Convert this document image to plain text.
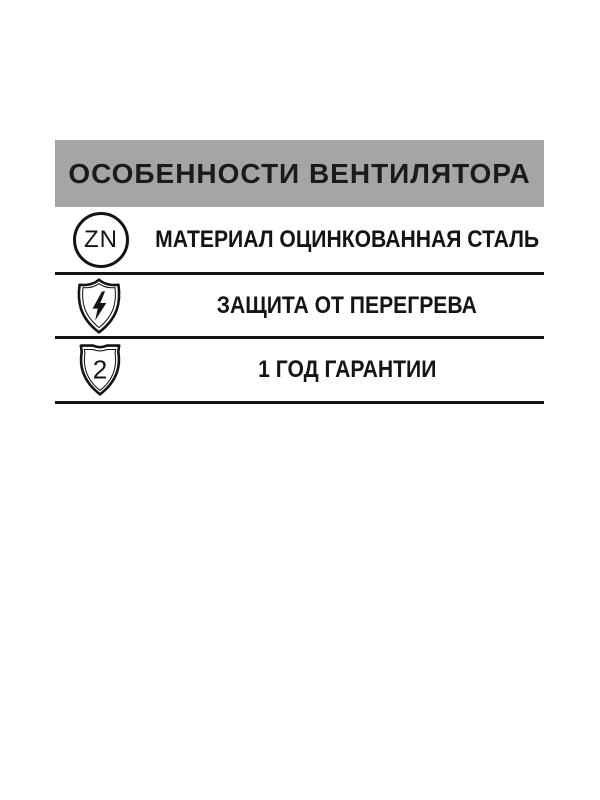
ОСОБЕННОСТИ ВЕНТИЛЯТОРА
ZN МАТЕРИАЛ ОЦИНКОВАННАЯ СТАЛЬ
ЗАЩИТА ОТ ПЕРЕГРЕВА
2	1 ГОД ГАРАНТИИ
